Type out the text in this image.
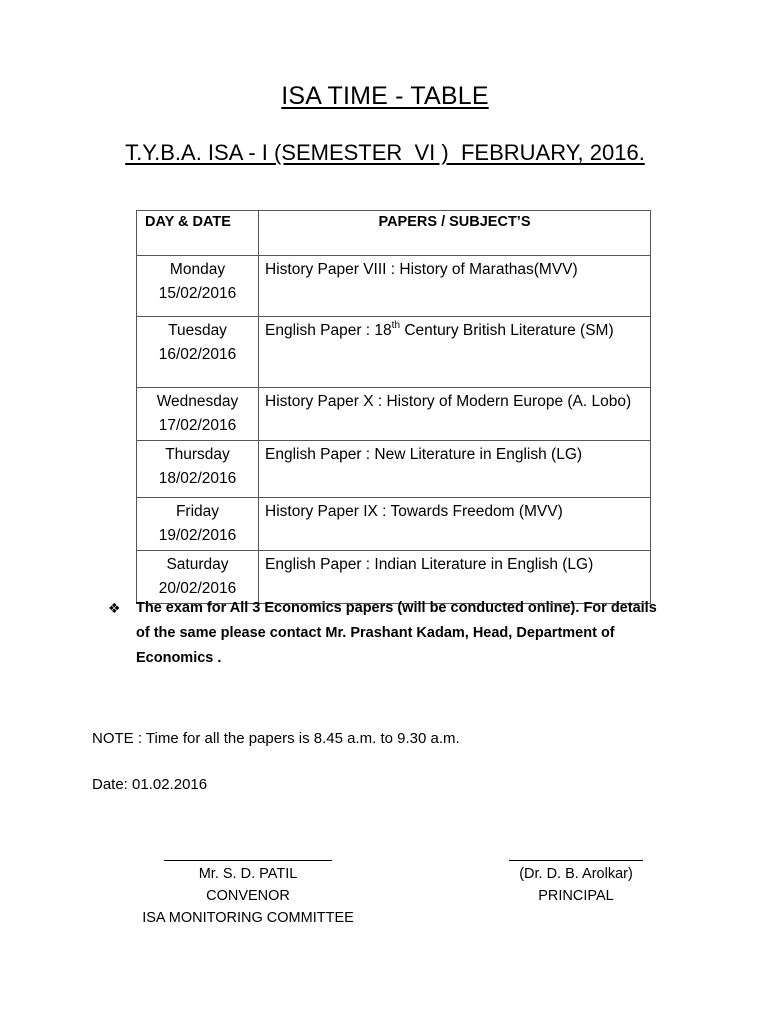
ISA TIME - TABLE
T.Y.B.A. ISA - I (SEMESTER  VI )  FEBRUARY, 2016.
DAY & DATE	PAPERS / SUBJECT’S

Monday
15/02/2016	History Paper VIII : History of Marathas(MVV)

Tuesday
16/02/2016	English Paper : 18th Century British Literature (SM)

Wednesday
17/02/2016	History Paper X : History of Modern Europe (A. Lobo)

Thursday
18/02/2016	English Paper : New Literature in English (LG)

Friday
19/02/2016	History Paper IX : Towards Freedom (MVV)

Saturday
20/02/2016	English Paper : Indian Literature in English (LG)
❖ The exam for All 3 Economics papers (will be conducted online). For details of the same please contact Mr. Prashant Kadam, Head, Department of Economics .
NOTE : Time for all the papers is 8.45 a.m. to 9.30 a.m.
Date: 01.02.2016
Mr. S. D. PATIL
CONVENOR
ISA MONITORING COMMITTEE
(Dr. D. B. Arolkar)
PRINCIPAL
